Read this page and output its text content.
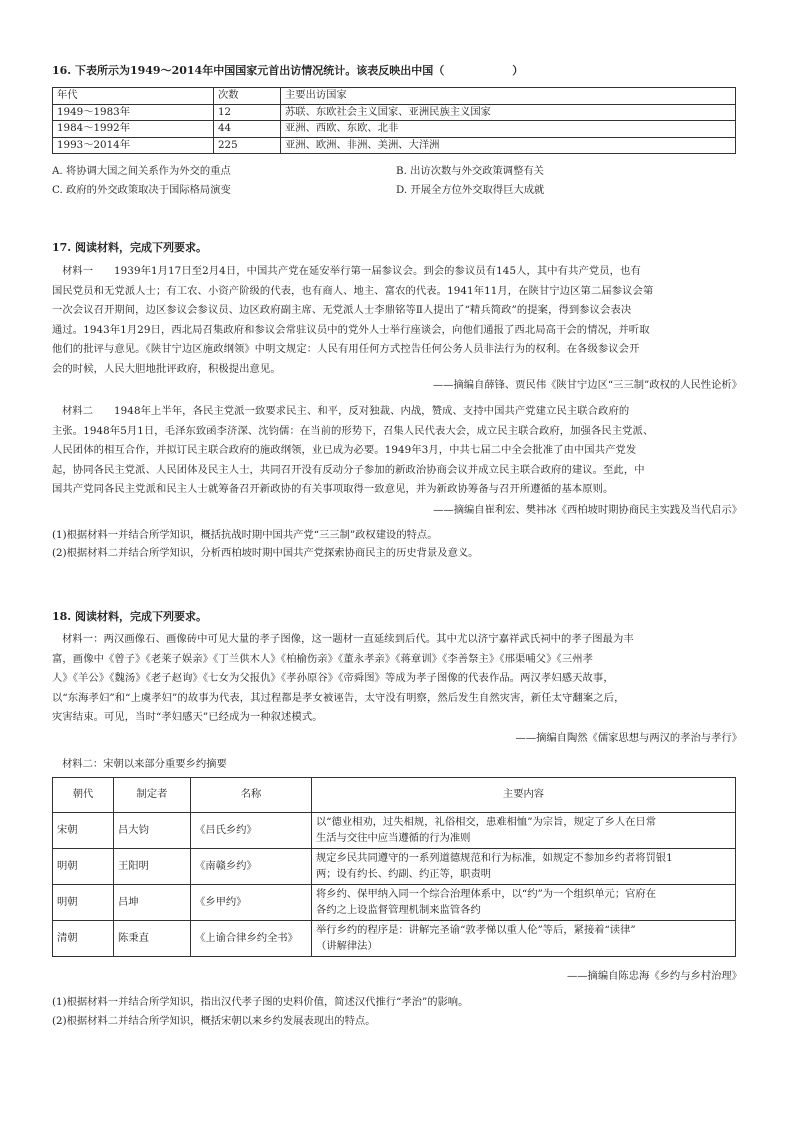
16. 下表所示为1949～2014年中国国家元首出访情况统计。该表反映出中国（	）
年代	次数	主要出访国家
1949～1983年	12	苏联、东欧社会主义国家、亚洲民族主义国家
1984～1992年	44	亚洲、西欧、东欧、北非
1993～2014年	225	亚洲、欧洲、非洲、美洲、大洋洲
A. 将协调大国之间关系作为外交的重点	B. 出访次数与外交政策调整有关
C. 政府的外交政策取决于国际格局演变	D. 开展全方位外交取得巨大成就
17. 阅读材料，完成下列要求。
材料一　　1939年1月17日至2月4日，中国共产党在延安举行第一届参议会。到会的参议员有145人，其中有共产党员，也有
国民党员和无党派人士；有工农、小资产阶级的代表，也有商人、地主、富农的代表。1941年11月，在陕甘宁边区第二届参议会第
一次会议召开期间，边区参议会参议员、边区政府副主席、无党派人士李鼎铭等Ⅱ人提出了“精兵简政”的提案，得到参议会表决
通过。1943年1月29日，西北局召集政府和参议会常驻议员中的党外人士举行座谈会，向他们通报了西北局高干会的情况，并听取
他们的批评与意见。《陕甘宁边区施政纲领》中明文规定：人民有用任何方式控告任何公务人员非法行为的权利。在各级参议会开
会的时候，人民大胆地批评政府，积极提出意见。
——摘编自薛锋、贾民伟《陕甘宁边区“三三制”政权的人民性论析》
材料二　　1948年上半年，各民主党派一致要求民主、和平，反对独裁、内战，赞成、支持中国共产党建立民主联合政府的
主张。1948年5月1日，毛泽东致函李济深、沈钧儒：在当前的形势下，召集人民代表大会，成立民主联合政府，加强各民主党派、
人民团体的相互合作，并拟订民主联合政府的施政纲领，业已成为必要。1949年3月，中共七届二中全会批准了由中国共产党发
起，协同各民主党派、人民团体及民主人士，共同召开没有反动分子参加的新政治协商会议并成立民主联合政府的建议。至此，中
国共产党同各民主党派和民主人士就筹备召开新政协的有关事项取得一致意见，并为新政协筹备与召开所遵循的基本原则。
——摘编自崔利宏、樊祎冰《西柏坡时期协商民主实践及当代启示》
(1)根据材料一并结合所学知识，概括抗战时期中国共产党“三三制”政权建设的特点。
(2)根据材料二并结合所学知识，分析西柏坡时期中国共产党探索协商民主的历史背景及意义。
18. 阅读材料，完成下列要求。
材料一：两汉画像石、画像砖中可见大量的孝子图像，这一题材一直延续到后代。其中尤以济宁嘉祥武氏祠中的孝子图最为丰
富，画像中《曾子》《老莱子娱亲》《丁兰供木人》《柏榆伤亲》《董永孝亲》《蒋章训》《李善祭主》《邢渠哺父》《三州孝
人》《羊公》《魏汤》《老子赵询》《七女为父报仇》《孝孙原谷》《帝舜图》等成为孝子图像的代表作品。两汉孝妇感天故事，
以“东海孝妇”和“上虞孝妇”的故事为代表，其过程都是孝女被诬告，太守没有明察，然后发生自然灾害，新任太守翻案之后，
灾害结束。可见，当时“孝妇感天”已经成为一种叙述模式。
——摘编自陶然《儒家思想与两汉的孝治与孝行》
材料二：宋朝以来部分重要乡约摘要
朝代	制定者	名称	主要内容
宋朝	吕大钧	《吕氏乡约》	以“德业相劝，过失相规，礼俗相交，患难相恤”为宗旨，规定了乡人在日常
生活与交往中应当遵循的行为准则

明朝	王阳明	《南赣乡约》	规定乡民共同遵守的一系列道德规范和行为标准，如规定不参加乡约者将罚银1
两；设有约长、约副、约正等，职责明

明朝	吕坤	《乡甲约》	将乡约、保甲纳入同一个综合治理体系中，以“约”为一个组织单元；官府在
各约之上设监督管理机制来监管各约

清朝	陈秉直	《上谕合律乡约全书》	举行乡约的程序是：讲解完圣谕“敦孝悌以重人伦”等后，紧接着“读律”
（讲解律法）
——摘编自陈忠海《乡约与乡村治理》
(1)根据材料一并结合所学知识，指出汉代孝子图的史料价值，简述汉代推行“孝治”的影响。
(2)根据材料二并结合所学知识，概括宋朝以来乡约发展表现出的特点。
